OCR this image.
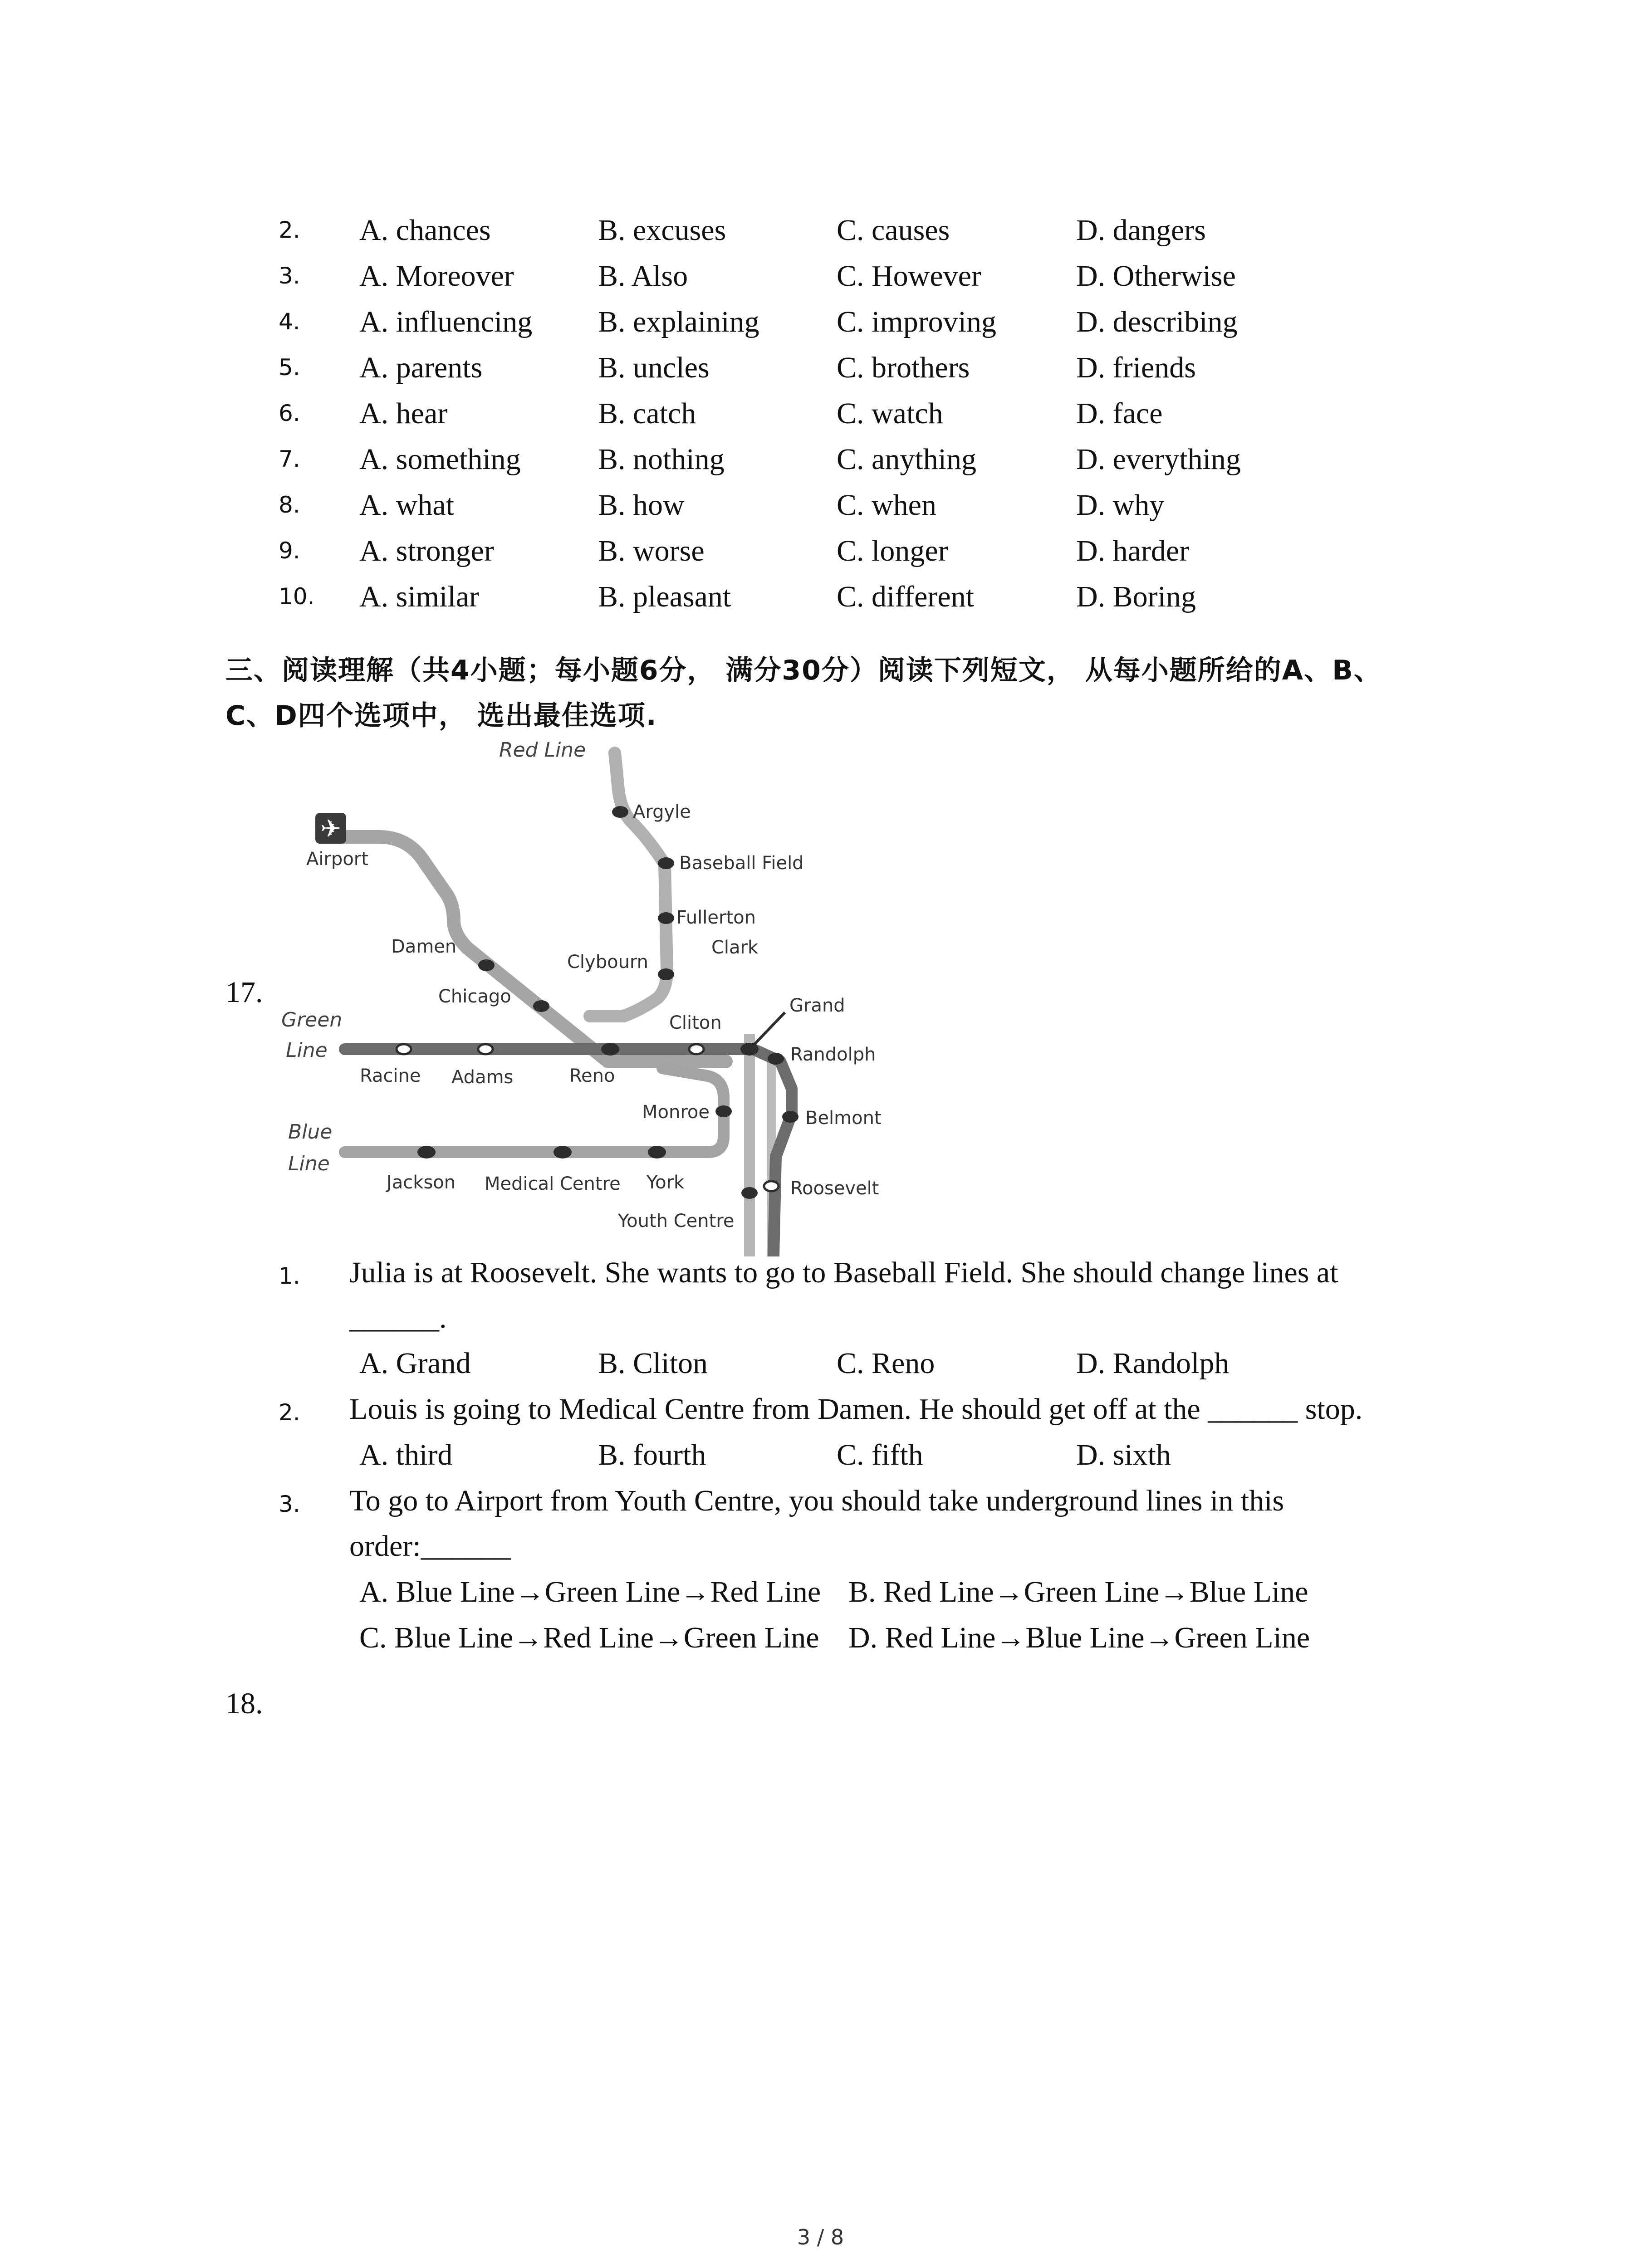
2. A. chances	B. excuses	C. causes	D. dangers
3. A. Moreover	B. Also	C. However	D. Otherwise
4. A. influencing B. explaining	C. improving	D. describing
5. A. parents	B. uncles	C. brothers	D. friends
6. A. hear	B. catch	C. watch	D. face
7. A. something	B. nothing	C. anything	D. everything
8. A. what	B. how	C. when	D. why
9. A. stronger	B. worse	C. longer	D. harder
10. A. similar	B. pleasant	C. different	D. Boring
三、阅读理解（共4小题；每小题6分， 满分30分）阅读下列短文， 从每小题所给的A、B、
C、D四个选项中， 选出最佳选项.
17.
✈
Red Line
Argyle
Baseball Field
Fullerton
Clark
Clybourn
Airport
Damen
Chicago
Cliton
Grand
Randolph
Green
Line
Racine Adams	Reno
Monroe	Belmont
Blue
Line
Jackson Medical Centre York	Roosevelt
Youth Centre
1. Julia is at Roosevelt. She wants to go to Baseball Field. She should change lines at
______.
A. Grand	B. Cliton	C. Reno	D. Randolph
2. Louis is going to Medical Centre from Damen. He should get off at the ______ stop.
A. third	B. fourth	C. fifth	D. sixth
3. To go to Airport from Youth Centre, you should take underground lines in this
order:______
A. Blue Line→Green Line→Red Line B. Red Line→Green Line→Blue Line
C. Blue Line→Red Line→Green Line D. Red Line→Blue Line→Green Line
18.
3 / 8
